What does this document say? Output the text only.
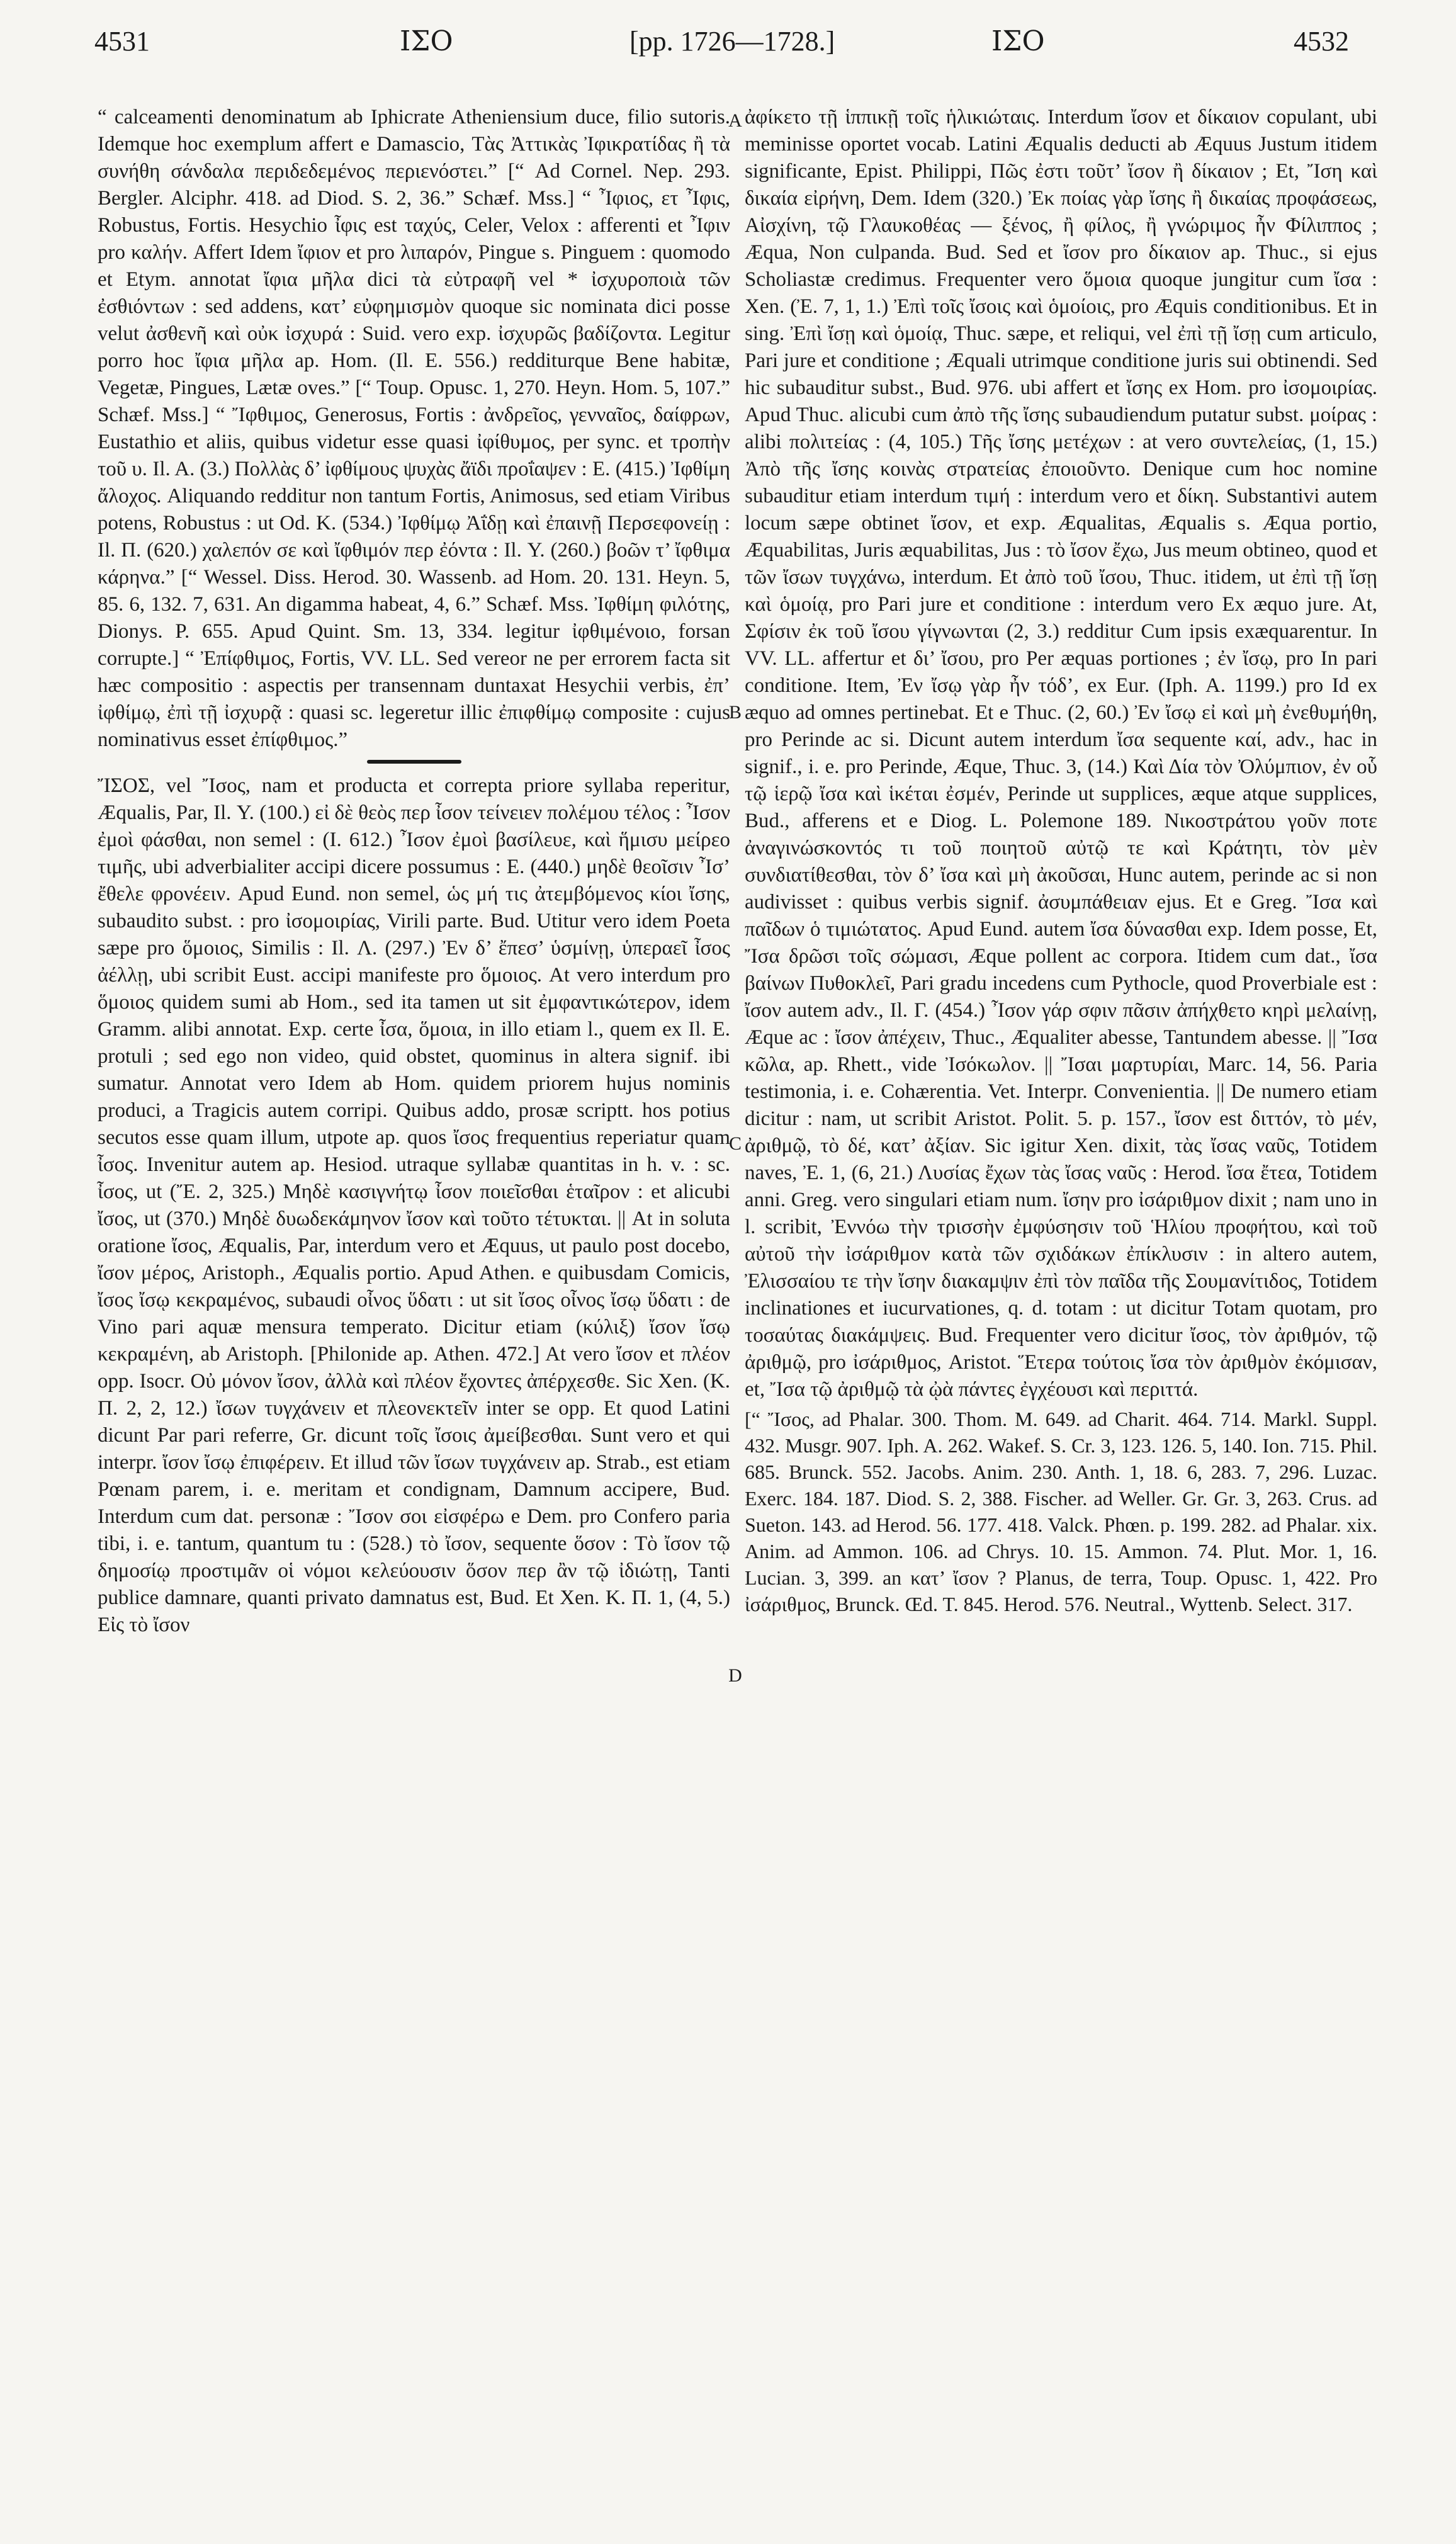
4531	ΙΣΟ	[pp. 1726—1728.]	ΙΣΟ	4532
A
B
C
D

“ calceamenti denominatum ab Iphicrate Atheniensium duce, filio sutoris. Idemque hoc exemplum affert e Damascio, Τὰς Ἀττικὰς Ἰφικρατίδας ἢ τὰ συνήθη σάνδαλα περιδεδεμένος περιενόστει.” [“ Ad Cornel. Nep. 293. Bergler. Alciphr. 418. ad Diod. S. 2, 36.” Schæf. Mss.] “ Ἶφιος, ετ Ἶφις, Robustus, Fortis. Hesychio ἶφις est ταχύς, Celer, Velox : afferenti et Ἶφιν pro καλήν. Affert Idem ἴφιον et pro λιπαρόν, Pingue s. Pinguem : quomodo et Etym. annotat ἴφια μῆλα dici τὰ εὐτραφῆ vel * ἰσχυροποιὰ τῶν ἐσθιόντων : sed addens, κατ’ εὐφημισμὸν quoque sic nominata dici posse velut ἀσθενῆ καὶ οὐκ ἰσχυρά : Suid. vero exp. ἰσχυρῶς βαδίζοντα. Legitur porro hoc ἴφια μῆλα ap. Hom. (Il. E. 556.) redditurque Bene habitæ, Vegetæ, Pingues, Lætæ oves.” [“ Toup. Opusc. 1, 270. Heyn. Hom. 5, 107.” Schæf. Mss.] “ Ἴφθιμος, Generosus, Fortis : ἀνδρεῖος, γενναῖος, δαίφρων, Eustathio et aliis, quibus videtur esse quasi ἰφίθυμος, per sync. et τροπὴν τοῦ υ. Il. A. (3.) Πολλὰς δ’ ἰφθίμους ψυχὰς ἄϊδι προΐαψεν : E. (415.) Ἰφθίμη ἄλοχος. Aliquando redditur non tantum Fortis, Animosus, sed etiam Viribus potens, Robustus : ut Od. K. (534.) Ἰφθίμῳ Ἀΐδῃ καὶ ἐπαινῇ Περσεφονείῃ : Il. Π. (620.) χαλεπόν σε καὶ ἴφθιμόν περ ἐόντα : Il. Υ. (260.) βοῶν τ’ ἴφθιμα κάρηνα.” [“ Wessel. Diss. Herod. 30. Wassenb. ad Hom. 20. 131. Heyn. 5, 85. 6, 132. 7, 631. An digamma habeat, 4, 6.” Schæf. Mss. Ἰφθίμη φιλότης, Dionys. P. 655. Apud Quint. Sm. 13, 334. legitur ἰφθιμένοιο, forsan corrupte.] “ Ἐπίφθιμος, Fortis, VV. LL. Sed vereor ne per errorem facta sit hæc compositio : aspectis per transennam duntaxat Hesychii verbis, ἐπ’ ἰφθίμῳ, ἐπὶ τῇ ἰσχυρᾷ : quasi sc. legeretur illic ἐπιφθίμῳ composite : cujus nominativus esset ἐπίφθιμος.”

ἼΣΟΣ, vel Ἴσος, nam et producta et correpta priore syllaba reperitur, Æqualis, Par, Il. Υ. (100.) εἰ δὲ θεὸς περ ἶσον τείνειεν πολέμου τέλος : Ἶσον ἐμοὶ φάσθαι, non semel : (I. 612.) Ἶσον ἐμοὶ βασίλευε, καὶ ἥμισυ μείρεο τιμῆς, ubi adverbialiter accipi dicere possumus : E. (440.) μηδὲ θεοῖσιν Ἶσ’ ἔθελε φρονέειν. Apud Eund. non semel, ὡς μή τις ἀτεμβόμενος κίοι ἴσης, subaudito subst. : pro ἰσομοιρίας, Virili parte. Bud. Utitur vero idem Poeta sæpe pro ὅμοιος, Similis : Il. Λ. (297.) Ἐν δ’ ἔπεσ’ ὑσμίνῃ, ὑπεραεῖ ἶσος ἀέλλῃ, ubi scribit Eust. accipi manifeste pro ὅμοιος. At vero interdum pro ὅμοιος quidem sumi ab Hom., sed ita tamen ut sit ἐμφαντικώτερον, idem Gramm. alibi annotat. Exp. certe ἶσα, ὅμοια, in illo etiam l., quem ex Il. E. protuli ; sed ego non video, quid obstet, quominus in altera signif. ibi sumatur. Annotat vero Idem ab Hom. quidem priorem hujus nominis produci, a Tragicis autem corripi. Quibus addo, prosæ scriptt. hos potius secutos esse quam illum, utpote ap. quos ἴσος frequentius reperiatur quam ἶσος. Invenitur autem ap. Hesiod. utraque syllabæ quantitas in h. v. : sc. ἶσος, ut (Ἔ. 2, 325.) Μηδὲ κασιγνήτῳ ἶσον ποιεῖσθαι ἑταῖρον : et alicubi ἴσος, ut (370.) Μηδὲ δυωδεκάμηνον ἴσον καὶ τοῦτο τέτυκται. || At in soluta oratione ἴσος, Æqualis, Par, interdum vero et Æquus, ut paulo post docebo, ἴσον μέρος, Aristoph., Æqualis portio. Apud Athen. e quibusdam Comicis, ἴσος ἴσῳ κεκραμένος, subaudi οἶνος ὕδατι : ut sit ἴσος οἶνος ἴσῳ ὕδατι : de Vino pari aquæ mensura temperato. Dicitur etiam (κύλιξ) ἴσον ἴσῳ κεκραμένη, ab Aristoph. [Philonide ap. Athen. 472.] At vero ἴσον et πλέον opp. Isocr. Οὐ μόνον ἴσον, ἀλλὰ καὶ πλέον ἔχοντες ἀπέρχεσθε. Sic Xen. (K. Π. 2, 2, 12.) ἴσων τυγχάνειν et πλεονεκτεῖν inter se opp. Et quod Latini dicunt Par pari referre, Gr. dicunt τοῖς ἴσοις ἀμείβεσθαι. Sunt vero et qui interpr. ἴσον ἴσῳ ἐπιφέρειν. Et illud τῶν ἴσων τυγχάνειν ap. Strab., est etiam Pœnam parem, i. e. meritam et condignam, Damnum accipere, Bud. Interdum cum dat. personæ : Ἴσον σοι εἰσφέρω e Dem. pro Confero paria tibi, i. e. tantum, quantum tu : (528.) τὸ ἴσον, sequente ὅσον : Τὸ ἴσον τῷ δημοσίῳ προστιμᾶν οἱ νόμοι κελεύουσιν ὅσον περ ἂν τῷ ἰδιώτῃ, Tanti publice damnare, quanti privato damnatus est, Bud. Et Xen. K. Π. 1, (4, 5.) Εἰς τὸ ἴσον

ἀφίκετο τῇ ἱππικῇ τοῖς ἡλικιώταις. Interdum ἴσον et δίκαιον copulant, ubi meminisse oportet vocab. Latini Æqualis deducti ab Æquus Justum itidem significante, Epist. Philippi, Πῶς ἐστι τοῦτ’ ἴσον ἢ δίκαιον ; Et, Ἴση καὶ δικαία εἰρήνη, Dem. Idem (320.) Ἐκ ποίας γὰρ ἴσης ἢ δικαίας προφάσεως, Αἰσχίνη, τῷ Γλαυκοθέας — ξένος, ἢ φίλος, ἢ γνώριμος ἦν Φίλιππος ; Æqua, Non culpanda. Bud. Sed et ἴσον pro δίκαιον ap. Thuc., si ejus Scholiastæ credimus. Frequenter vero ὅμοια quoque jungitur cum ἴσα : Xen. (Ἐ. 7, 1, 1.) Ἐπὶ τοῖς ἴσοις καὶ ὁμοίοις, pro Æquis conditionibus. Et in sing. Ἐπὶ ἴσῃ καὶ ὁμοίᾳ, Thuc. sæpe, et reliqui, vel ἐπὶ τῇ ἴσῃ cum articulo, Pari jure et conditione ; Æquali utrimque conditione juris sui obtinendi. Sed hic subauditur subst., Bud. 976. ubi affert et ἴσης ex Hom. pro ἰσομοιρίας. Apud Thuc. alicubi cum ἀπὸ τῆς ἴσης subaudiendum putatur subst. μοίρας : alibi πολιτείας : (4, 105.) Τῆς ἴσης μετέχων : at vero συντελείας, (1, 15.) Ἀπὸ τῆς ἴσης κοινὰς στρατείας ἐποιοῦντο. Denique cum hoc nomine subauditur etiam interdum τιμή : interdum vero et δίκη. Substantivi autem locum sæpe obtinet ἴσον, et exp. Æqualitas, Æqualis s. Æqua portio, Æquabilitas, Juris æquabilitas, Jus : τὸ ἴσον ἔχω, Jus meum obtineo, quod et τῶν ἴσων τυγχάνω, interdum. Et ἀπὸ τοῦ ἴσου, Thuc. itidem, ut ἐπὶ τῇ ἴσῃ καὶ ὁμοίᾳ, pro Pari jure et conditione : interdum vero Ex æquo jure. At, Σφίσιν ἐκ τοῦ ἴσου γίγνωνται (2, 3.) redditur Cum ipsis exæquarentur. In VV. LL. affertur et δι’ ἴσου, pro Per æquas portiones ; ἐν ἴσῳ, pro In pari conditione. Item, Ἐν ἴσῳ γὰρ ἦν τόδ’, ex Eur. (Iph. A. 1199.) pro Id ex æquo ad omnes pertinebat. Et e Thuc. (2, 60.) Ἐν ἴσῳ εἰ καὶ μὴ ἐνεθυμήθη, pro Perinde ac si. Dicunt autem interdum ἴσα sequente καί, adv., hac in signif., i. e. pro Perinde, Æque, Thuc. 3, (14.) Καὶ Δία τὸν Ὀλύμπιον, ἐν οὗ τῷ ἱερῷ ἴσα καὶ ἱκέται ἐσμέν, Perinde ut supplices, æque atque supplices, Bud., afferens et e Diog. L. Polemone 189. Νικοστράτου γοῦν ποτε ἀναγινώσκοντός τι τοῦ ποιητοῦ αὐτῷ τε καὶ Κράτητι, τὸν μὲν συνδιατίθεσθαι, τὸν δ’ ἴσα καὶ μὴ ἀκοῦσαι, Hunc autem, perinde ac si non audivisset : quibus verbis signif. ἀσυμπάθειαν ejus. Et e Greg. Ἴσα καὶ παῖδων ὁ τιμιώτατος. Apud Eund. autem ἴσα δύνασθαι exp. Idem posse, Et, Ἴσα δρῶσι τοῖς σώμασι, Æque pollent ac corpora. Itidem cum dat., ἴσα βαίνων Πυθοκλεῖ, Pari gradu incedens cum Pythocle, quod Proverbiale est : ἴσον autem adv., Il. Γ. (454.) Ἶσον γάρ σφιν πᾶσιν ἀπήχθετο κηρὶ μελαίνῃ, Æque ac : ἴσον ἀπέχειν, Thuc., Æqualiter abesse, Tantundem abesse. || Ἴσα κῶλα, ap. Rhett., vide Ἰσόκωλον. || Ἴσαι μαρτυρίαι, Marc. 14, 56. Paria testimonia, i. e. Cohærentia. Vet. Interpr. Convenientia. || De numero etiam dicitur : nam, ut scribit Aristot. Polit. 5. p. 157., ἴσον est διττόν, τὸ μέν, ἀριθμῷ, τὸ δέ, κατ’ ἀξίαν. Sic igitur Xen. dixit, τὰς ἴσας ναῦς, Totidem naves, Ἐ. 1, (6, 21.) Λυσίας ἔχων τὰς ἴσας ναῦς : Herod. ἴσα ἔτεα, Totidem anni. Greg. vero singulari etiam num. ἴσην pro ἰσάριθμον dixit ; nam uno in l. scribit, Ἐννόω τὴν τρισσὴν ἐμφύσησιν τοῦ Ἡλίου προφήτου, καὶ τοῦ αὐτοῦ τὴν ἰσάριθμον κατὰ τῶν σχιδάκων ἐπίκλυσιν : in altero autem, Ἐλισσαίου τε τὴν ἴσην διακαμψιν ἐπὶ τὸν παῖδα τῆς Σουμανίτιδος, Totidem inclinationes et iucurvationes, q. d. totam : ut dicitur Totam quotam, pro τοσαύτας διακάμψεις. Bud. Frequenter vero dicitur ἴσος, τὸν ἀριθμόν, τῷ ἀριθμῷ, pro ἰσάριθμος, Aristot. Ἕτερα τούτοις ἴσα τὸν ἀριθμὸν ἐκόμισαν, et, Ἴσα τῷ ἀριθμῷ τὰ ᾠὰ πάντες ἐγχέουσι καὶ περιττά.

[“ Ἴσος, ad Phalar. 300. Thom. M. 649. ad Charit. 464. 714. Markl. Suppl. 432. Musgr. 907. Iph. A. 262. Wakef. S. Cr. 3, 123. 126. 5, 140. Ion. 715. Phil. 685. Brunck. 552. Jacobs. Anim. 230. Anth. 1, 18. 6, 283. 7, 296. Luzac. Exerc. 184. 187. Diod. S. 2, 388. Fischer. ad Weller. Gr. Gr. 3, 263. Crus. ad Sueton. 143. ad Herod. 56. 177. 418. Valck. Phœn. p. 199. 282. ad Phalar. xix. Anim. ad Ammon. 106. ad Chrys. 10. 15. Ammon. 74. Plut. Mor. 1, 16. Lucian. 3, 399. an κατ’ ἴσον ? Planus, de terra, Toup. Opusc. 1, 422. Pro ἰσάριθμος, Brunck. Œd. T. 845. Herod. 576. Neutral., Wyttenb. Select. 317.
